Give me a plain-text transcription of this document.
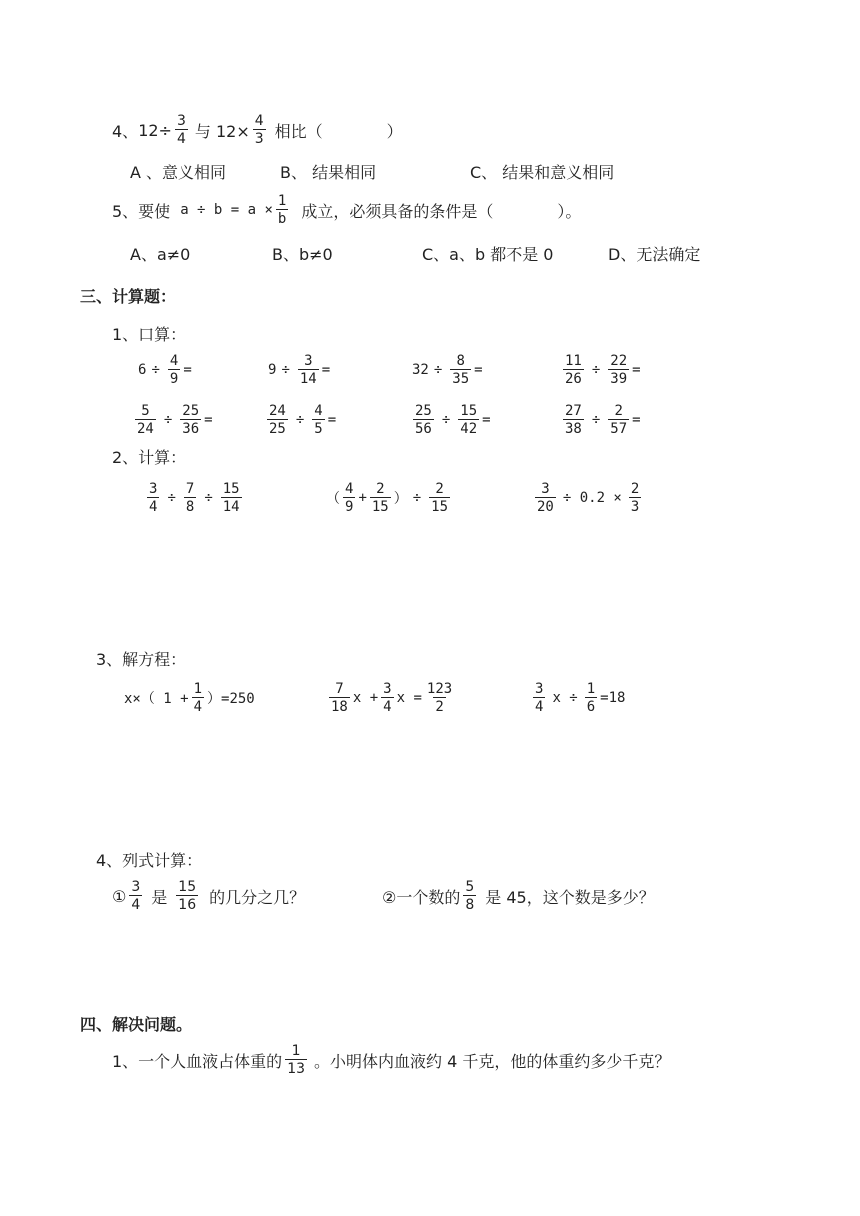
4、 $12\div \frac{3}{4}$ 与 $12\times \frac{4}{3}$ 相比（　　　　）
A 、意义相同	B、 结果相同	C、 结果和意义相同
5、要使 $a \div b = a \times \frac{1}{b}$ 成立，必须具备的条件是（　　　　）。
A、a≠0	B、b≠0	C、a、b 都不是 0	D、无法确定
三、计算题：
1、口算：
$6 \div \frac{4}{9}$ =	$9 \div \frac{3}{14}$ =	$32 \div \frac{8}{35}$ =	$\frac{11}{26} \div \frac{22}{39}$ =
$\frac{5}{24} \div \frac{25}{36}$ =	$\frac{24}{25} \div \frac{4}{5}$ =	$\frac{25}{56} \div \frac{15}{42}$ =	$\frac{27}{38} \div \frac{2}{57}$ =
2、计算：
$\frac{3}{4} \div \frac{7}{8} \div \frac{15}{14}$	（ $\frac{4}{9} + \frac{2}{15}$ ） ÷ $\frac{2}{15}$	$\frac{3}{20} \div 0.2 \times \frac{2}{3}$
3、解方程：
x×（ $1 + \frac{1}{4} )=250$	$\frac{7}{18}$ $x + \frac{3}{4}$ $x = \frac{123}{2}$	$\frac{3}{4}$ $x \div \frac{1}{6} =18$
4、列式计算：
① $\frac{3}{4}$ 是 $\frac{15}{16}$ 的几分之几？	②一个数的 $\frac{5}{8}$ 是 45，这个数是多少？
四、解决问题。
1、一个人血液占体重的 $\frac{1}{13}$ 。小明体内血液约 4 千克，他的体重约多少千克？
